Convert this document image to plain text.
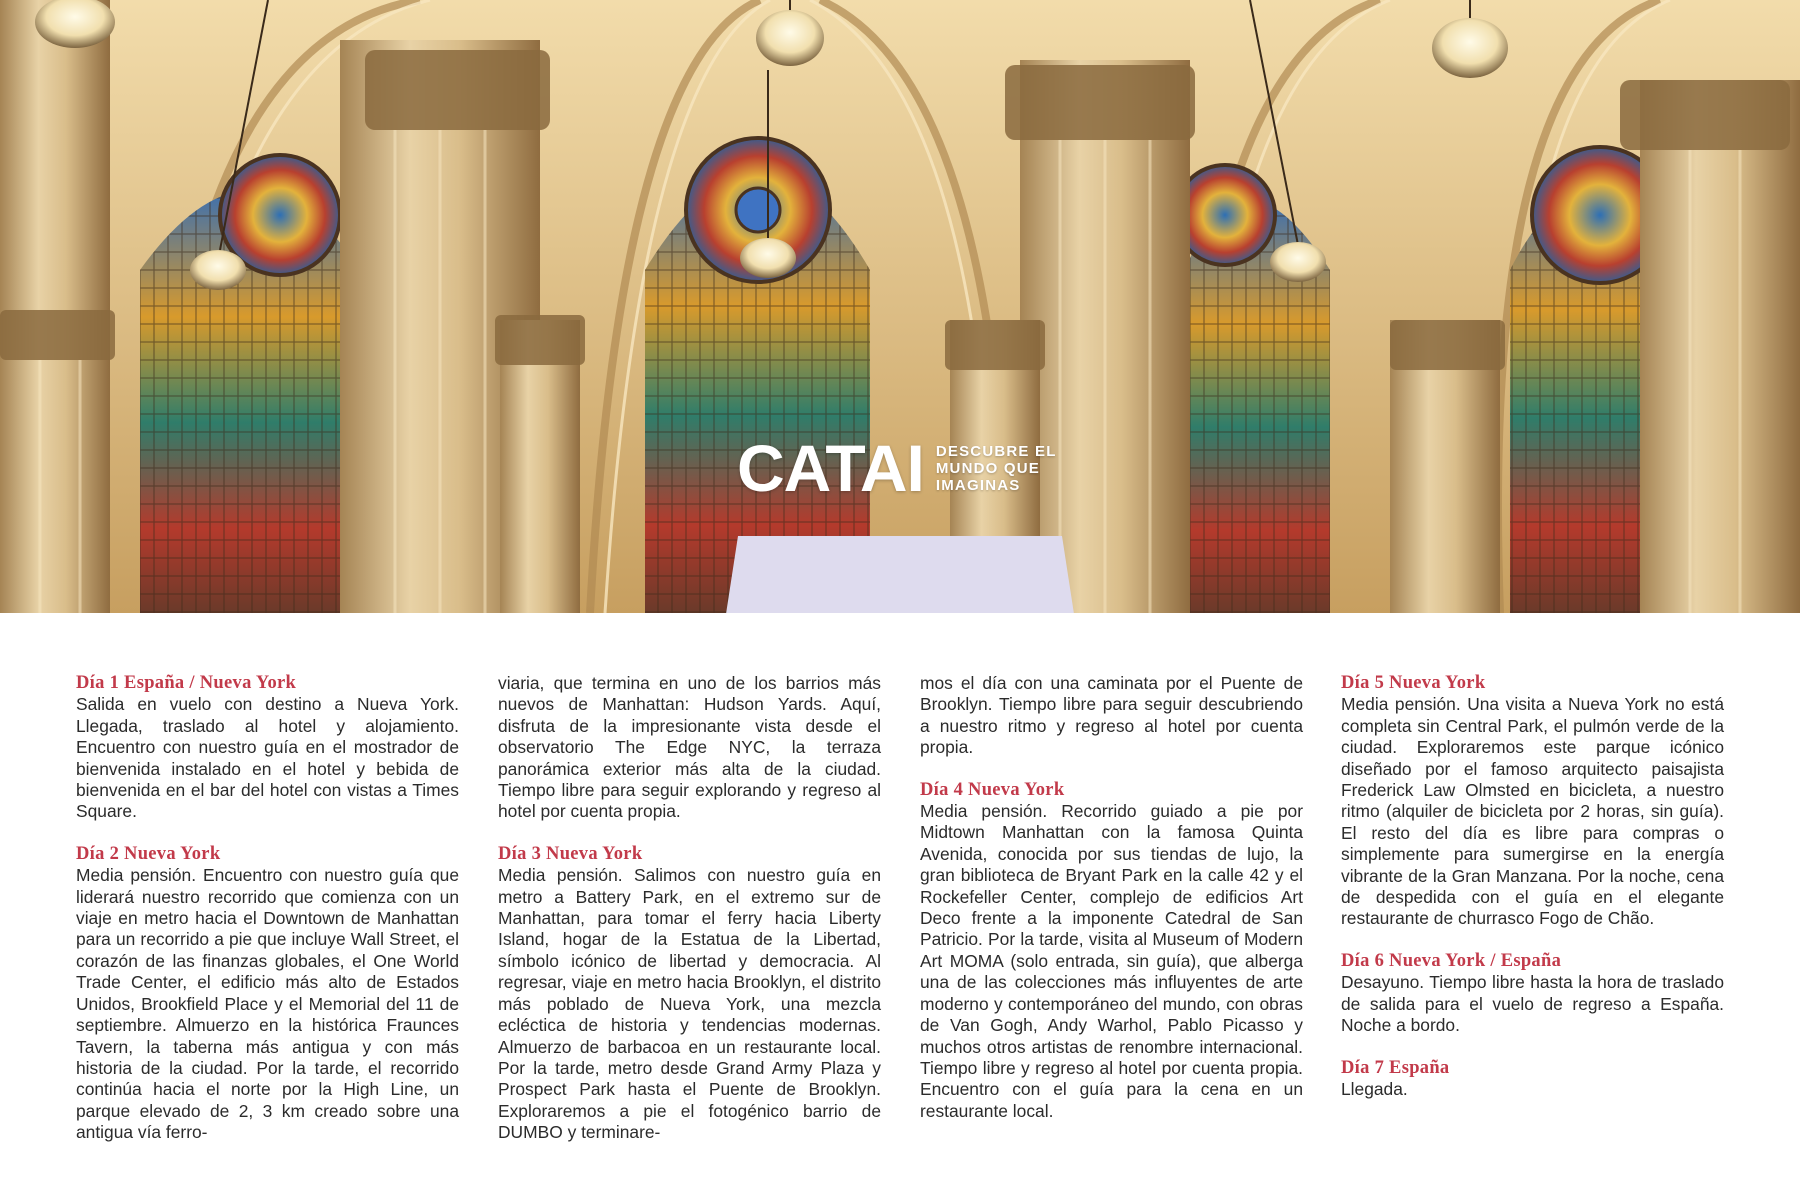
CATAI DESCUBRE EL
MUNDO QUE
IMAGINAS
Día 1 España / Nueva York

Salida en vuelo con destino a Nueva York. Llegada, traslado al hotel y alojamiento. Encuentro con nuestro guía en el mostrador de bienvenida instalado en el hotel y bebida de bienvenida en el bar del hotel con vistas a Times Square.

Día 2 Nueva York

Media pensión. Encuentro con nuestro guía que liderará nuestro recorrido que comienza con un viaje en metro hacia el Downtown de Manhattan para un recorrido a pie que incluye Wall Street, el corazón de las finanzas globales, el One World Trade Center, el edificio más alto de Estados Unidos, Brookfield Place y el Memorial del 11 de septiembre. Almuerzo en la histórica Fraunces Tavern, la taberna más antigua y con más historia de la ciudad. Por la tarde, el recorrido continúa hacia el norte por la High Line, un parque elevado de 2, 3 km creado sobre una antigua vía ferro-

viaria, que termina en uno de los barrios más nuevos de Manhattan: Hudson Yards. Aquí, disfruta de la impresionante vista desde el observatorio The Edge NYC, la terraza panorámica exterior más alta de la ciudad. Tiempo libre para seguir explorando y regreso al hotel por cuenta propia.

Día 3 Nueva York

Media pensión. Salimos con nuestro guía en metro a Battery Park, en el extremo sur de Manhattan, para tomar el ferry hacia Liberty Island, hogar de la Estatua de la Libertad, símbolo icónico de libertad y democracia. Al regresar, viaje en metro hacia Brooklyn, el distrito más poblado de Nueva York, una mezcla ecléctica de historia y tendencias modernas. Almuerzo de barbacoa en un restaurante local. Por la tarde, metro desde Grand Army Plaza y Prospect Park hasta el Puente de Brooklyn. Exploraremos a pie el fotogénico barrio de DUMBO y terminare-

mos el día con una caminata por el Puente de Brooklyn. Tiempo libre para seguir descubriendo a nuestro ritmo y regreso al hotel por cuenta propia.

Día 4 Nueva York

Media pensión. Recorrido guiado a pie por Midtown Manhattan con la famosa Quinta Avenida, conocida por sus tiendas de lujo, la gran biblioteca de Bryant Park en la calle 42 y el Rockefeller Center, complejo de edificios Art Deco frente a la imponente Catedral de San Patricio. Por la tarde, visita al Museum of Modern Art MOMA (solo entrada, sin guía), que alberga una de las colecciones más influyentes de arte moderno y contemporáneo del mundo, con obras de Van Gogh, Andy Warhol, Pablo Picasso y muchos otros artistas de renombre internacional. Tiempo libre y regreso al hotel por cuenta propia. Encuentro con el guía para la cena en un restaurante local.

Día 5 Nueva York

Media pensión. Una visita a Nueva York no está completa sin Central Park, el pulmón verde de la ciudad. Exploraremos este parque icónico diseñado por el famoso arquitecto paisajista Frederick Law Olmsted en bicicleta, a nuestro ritmo (alquiler de bicicleta por 2 horas, sin guía). El resto del día es libre para compras o simplemente para sumergirse en la energía vibrante de la Gran Manzana. Por la noche, cena de despedida con el guía en el elegante restaurante de churrasco Fogo de Chão.

Día 6 Nueva York / España

Desayuno. Tiempo libre hasta la hora de traslado de salida para el vuelo de regreso a España. Noche a bordo.

Día 7 España

Llegada.
